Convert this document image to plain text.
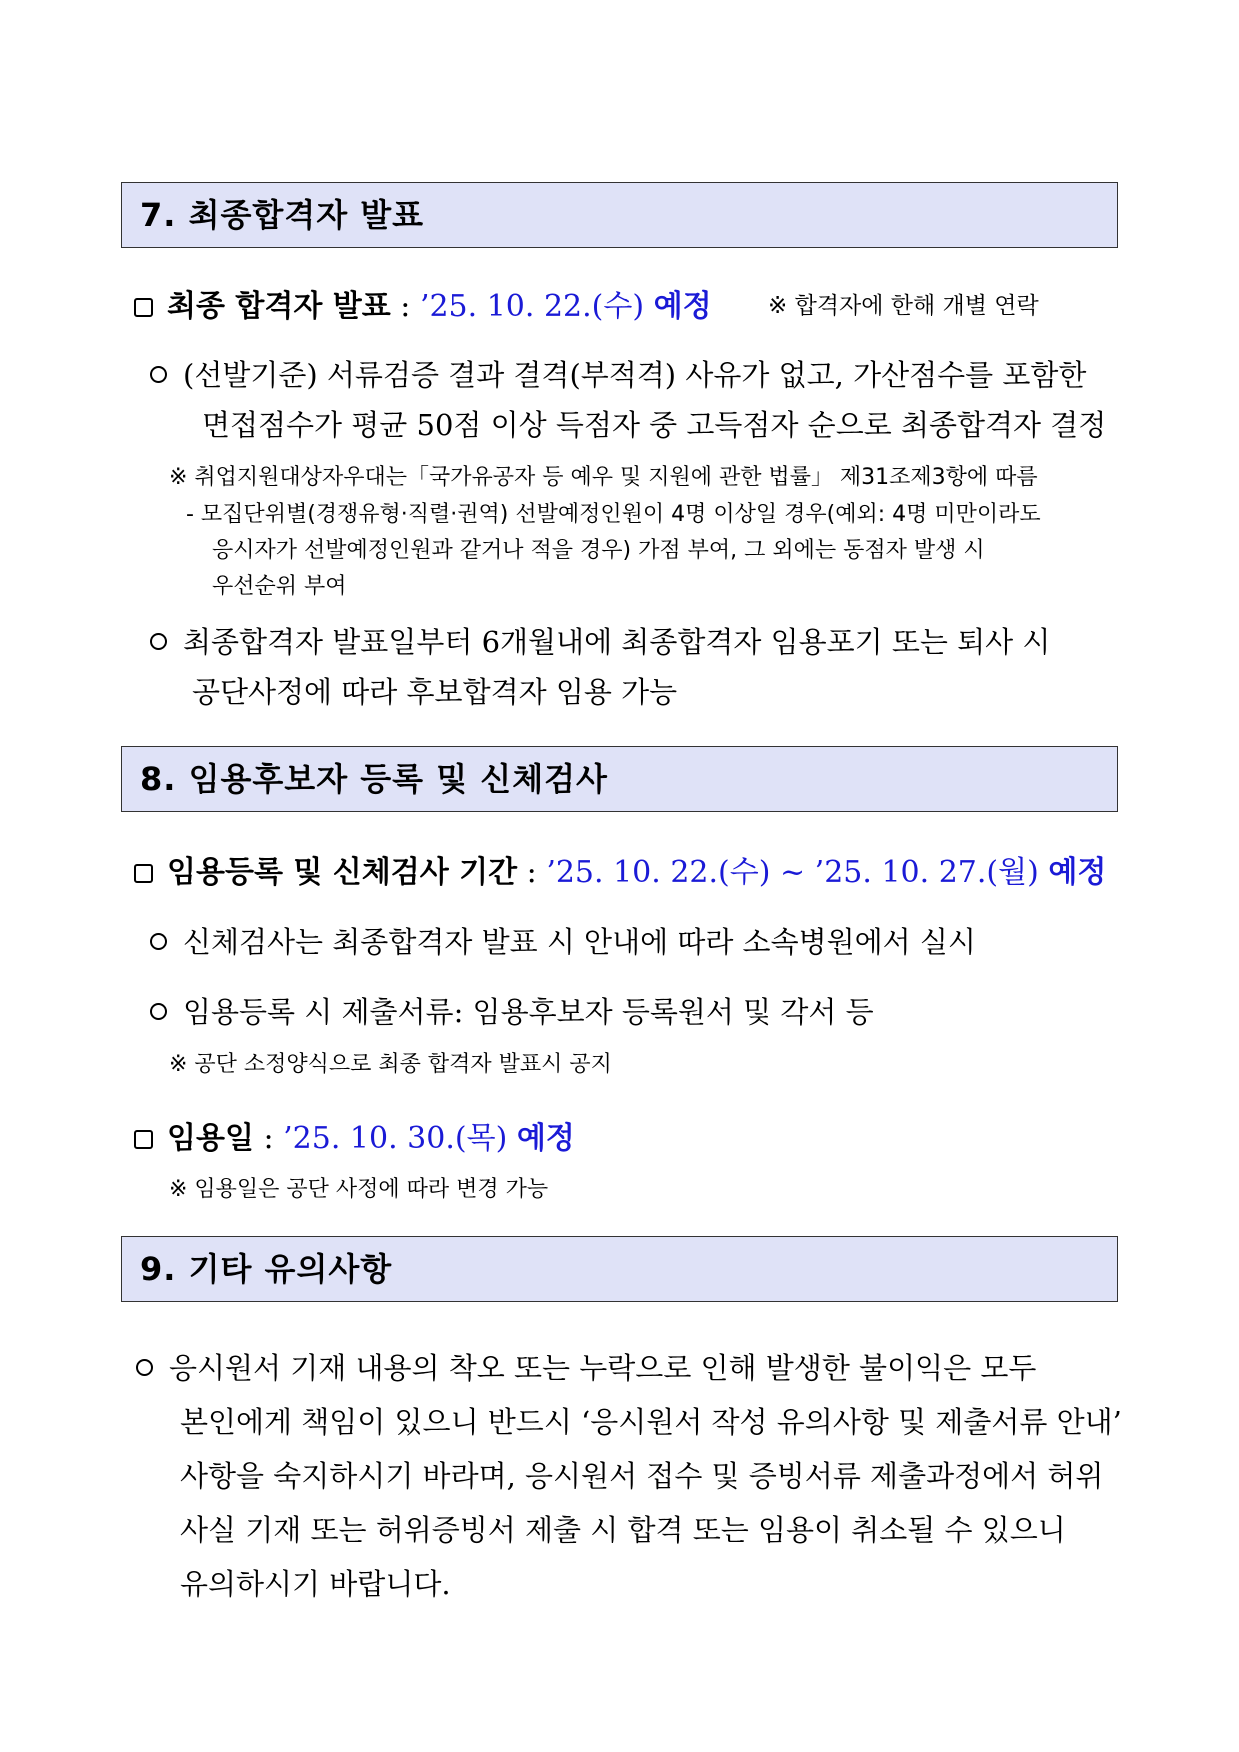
7. 최종합격자 발표
최종 합격자 발표 : ’25. 10. 22.(수) 예정 ※ 합격자에 한해 개별 연락
(선발기준) 서류검증 결과 결격(부적격) 사유가 없고, 가산점수를 포함한
면접점수가 평균 50점 이상 득점자 중 고득점자 순으로 최종합격자 결정
※ 취업지원대상자우대는「국가유공자 등 예우 및 지원에 관한 법률」 제31조제3항에 따름
- 모집단위별(경쟁유형·직렬·권역) 선발예정인원이 4명 이상일 경우(예외: 4명 미만이라도
응시자가 선발예정인원과 같거나 적을 경우) 가점 부여, 그 외에는 동점자 발생 시
우선순위 부여
최종합격자 발표일부터 6개월내에 최종합격자 임용포기 또는 퇴사 시
공단사정에 따라 후보합격자 임용 가능
8. 임용후보자 등록 및 신체검사
임용등록 및 신체검사 기간 : ’25. 10. 22.(수) ~ ’25. 10. 27.(월) 예정
신체검사는 최종합격자 발표 시 안내에 따라 소속병원에서 실시
임용등록 시 제출서류: 임용후보자 등록원서 및 각서 등
※ 공단 소정양식으로 최종 합격자 발표시 공지
임용일 : ’25. 10. 30.(목) 예정
※ 임용일은 공단 사정에 따라 변경 가능
9. 기타 유의사항
응시원서 기재 내용의 착오 또는 누락으로 인해 발생한 불이익은 모두
본인에게 책임이 있으니 반드시 ‘응시원서 작성 유의사항 및 제출서류 안내’
사항을 숙지하시기 바라며, 응시원서 접수 및 증빙서류 제출과정에서 허위
사실 기재 또는 허위증빙서 제출 시 합격 또는 임용이 취소될 수 있으니
유의하시기 바랍니다.
